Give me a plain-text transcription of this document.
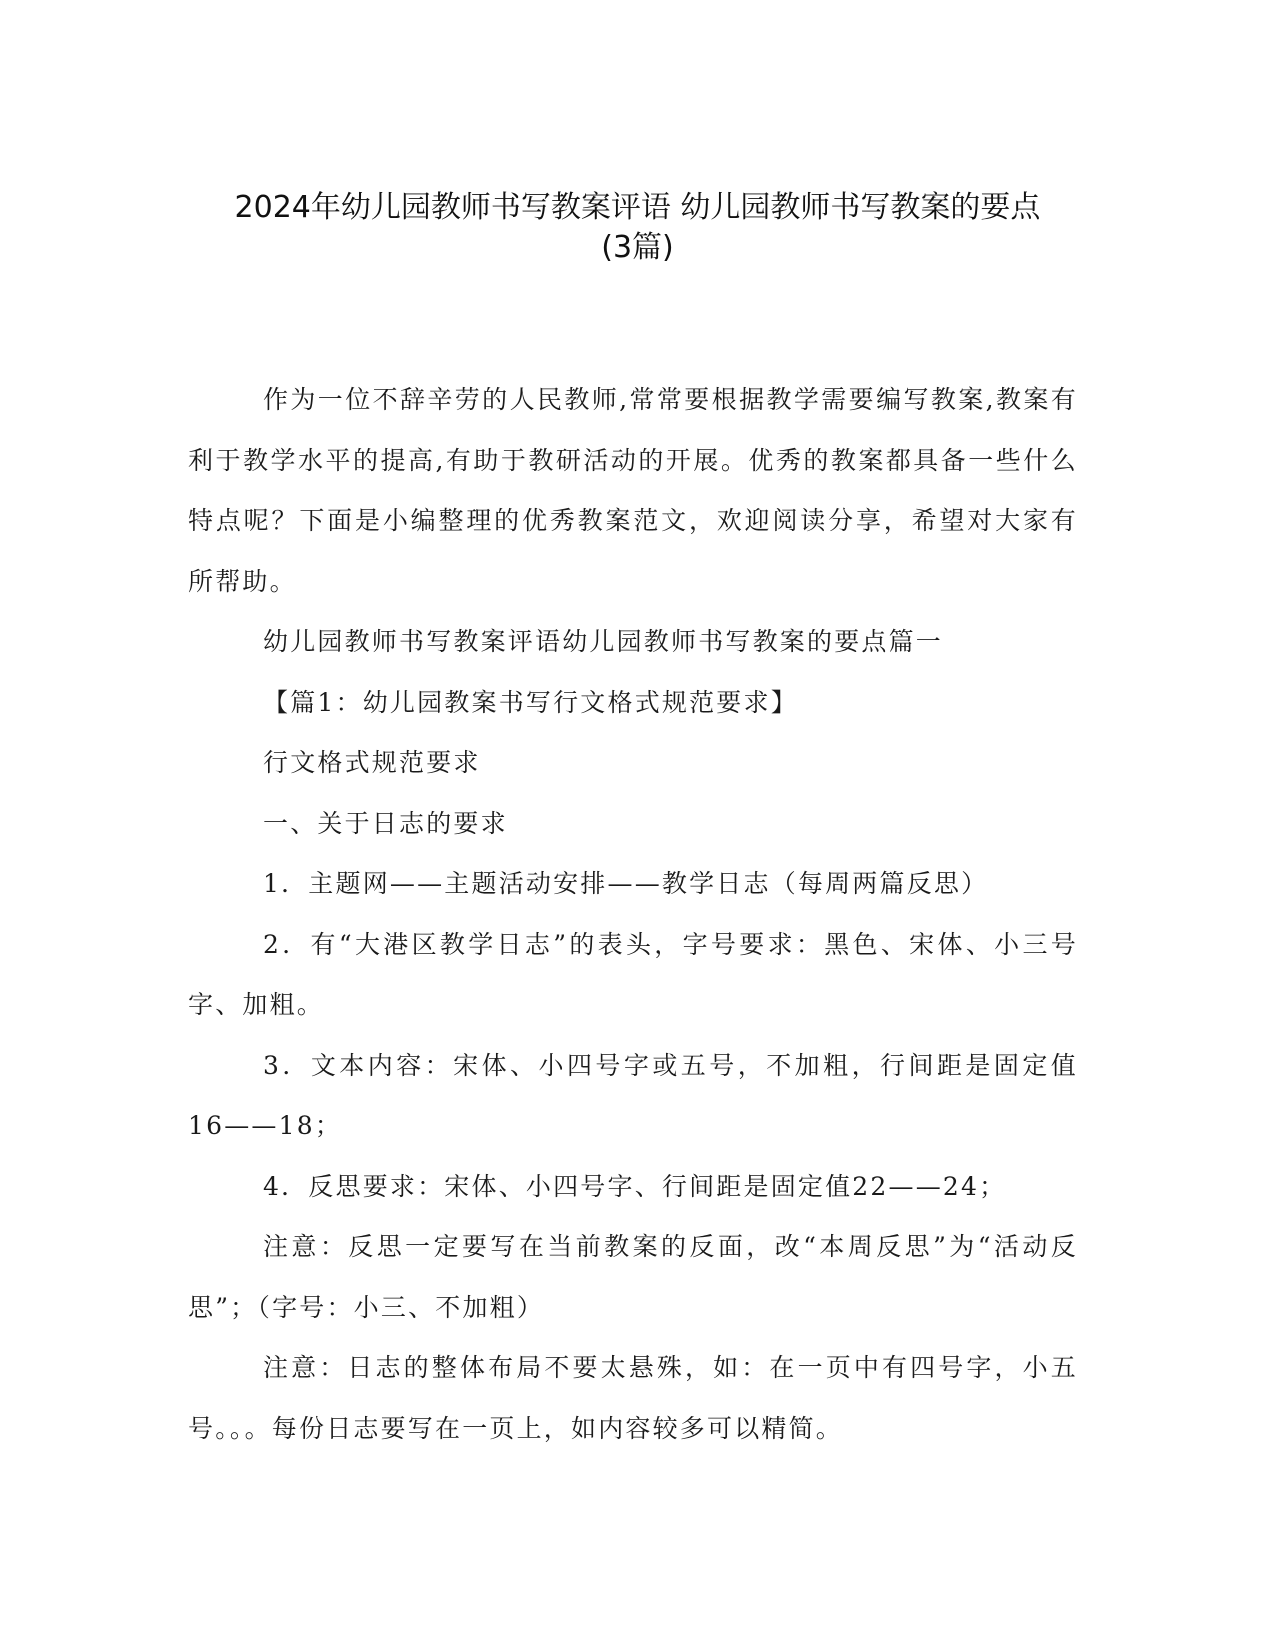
2024年幼儿园教师书写教案评语 幼儿园教师书写教案的要点
(3篇)

作为一位不辞辛劳的人民教师,常常要根据教学需要编写教案,教案有利于教学水平的提高,有助于教研活动的开展。优秀的教案都具备一些什么特点呢？下面是小编整理的优秀教案范文，欢迎阅读分享，希望对大家有所帮助。

幼儿园教师书写教案评语幼儿园教师书写教案的要点篇一

【篇1：幼儿园教案书写行文格式规范要求】

行文格式规范要求

一、关于日志的要求

1．主题网——主题活动安排——教学日志（每周两篇反思）

2．有“大港区教学日志”的表头，字号要求：黑色、宋体、小三号字、加粗。

3．文本内容：宋体、小四号字或五号，不加粗，行间距是固定值16——18；

4．反思要求：宋体、小四号字、行间距是固定值22——24；

注意：反思一定要写在当前教案的反面，改“本周反思”为“活动反思”；（字号：小三、不加粗）

注意：日志的整体布局不要太悬殊，如：在一页中有四号字，小五号。。。每份日志要写在一页上，如内容较多可以精简。
